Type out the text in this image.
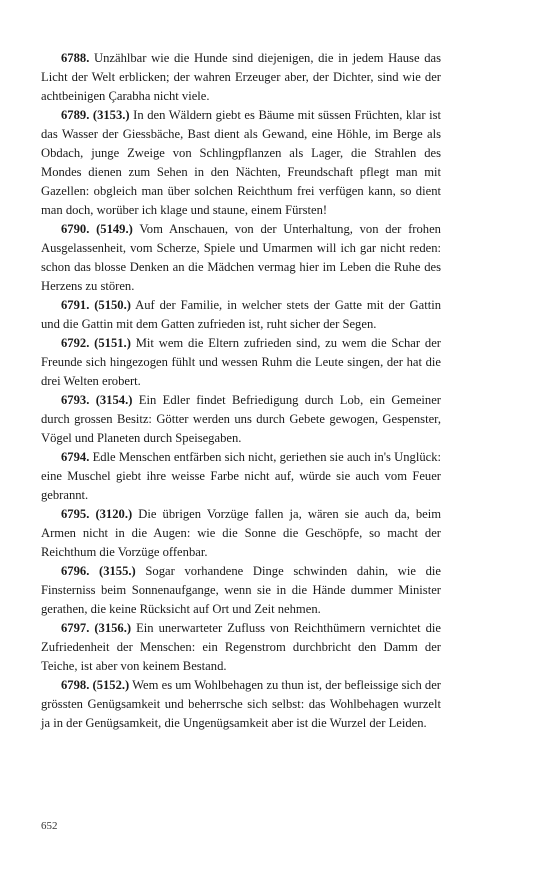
6788. Unzählbar wie die Hunde sind diejenigen, die in jedem Hause das Licht der Welt erblicken; der wahren Erzeuger aber, der Dichter, sind wie der achtbeinigen Çarabha nicht viele.

6789. (3153.) In den Wäldern giebt es Bäume mit süssen Früchten, klar ist das Wasser der Giessbäche, Bast dient als Gewand, eine Höhle, im Berge als Obdach, junge Zweige von Schlingpflanzen als Lager, die Strahlen des Mondes dienen zum Sehen in den Nächten, Freundschaft pflegt man mit Gazellen: obgleich man über solchen Reichthum frei verfügen kann, so dient man doch, worüber ich klage und staune, einem Fürsten!

6790. (5149.) Vom Anschauen, von der Unterhaltung, von der frohen Ausgelassenheit, vom Scherze, Spiele und Umarmen will ich gar nicht reden: schon das blosse Denken an die Mädchen vermag hier im Leben die Ruhe des Herzens zu stören.

6791. (5150.) Auf der Familie, in welcher stets der Gatte mit der Gattin und die Gattin mit dem Gatten zufrieden ist, ruht sicher der Segen.

6792. (5151.) Mit wem die Eltern zufrieden sind, zu wem die Schar der Freunde sich hingezogen fühlt und wessen Ruhm die Leute singen, der hat die drei Welten erobert.

6793. (3154.) Ein Edler findet Befriedigung durch Lob, ein Gemeiner durch grossen Besitz: Götter werden uns durch Gebete gewogen, Gespenster, Vögel und Planeten durch Speisegaben.

6794. Edle Menschen entfärben sich nicht, geriethen sie auch in's Unglück: eine Muschel giebt ihre weisse Farbe nicht auf, würde sie auch vom Feuer gebrannt.

6795. (3120.) Die übrigen Vorzüge fallen ja, wären sie auch da, beim Armen nicht in die Augen: wie die Sonne die Geschöpfe, so macht der Reichthum die Vorzüge offenbar.

6796. (3155.) Sogar vorhandene Dinge schwinden dahin, wie die Finsterniss beim Sonnenaufgange, wenn sie in die Hände dummer Minister gerathen, die keine Rücksicht auf Ort und Zeit nehmen.

6797. (3156.) Ein unerwarteter Zufluss von Reichthümern vernichtet die Zufriedenheit der Menschen: ein Regenstrom durchbricht den Damm der Teiche, ist aber von keinem Bestand.

6798. (5152.) Wem es um Wohlbehagen zu thun ist, der befleissige sich der grössten Genügsamkeit und beherrsche sich selbst: das Wohlbehagen wurzelt ja in der Genügsamkeit, die Ungenügsamkeit aber ist die Wurzel der Leiden.

652
